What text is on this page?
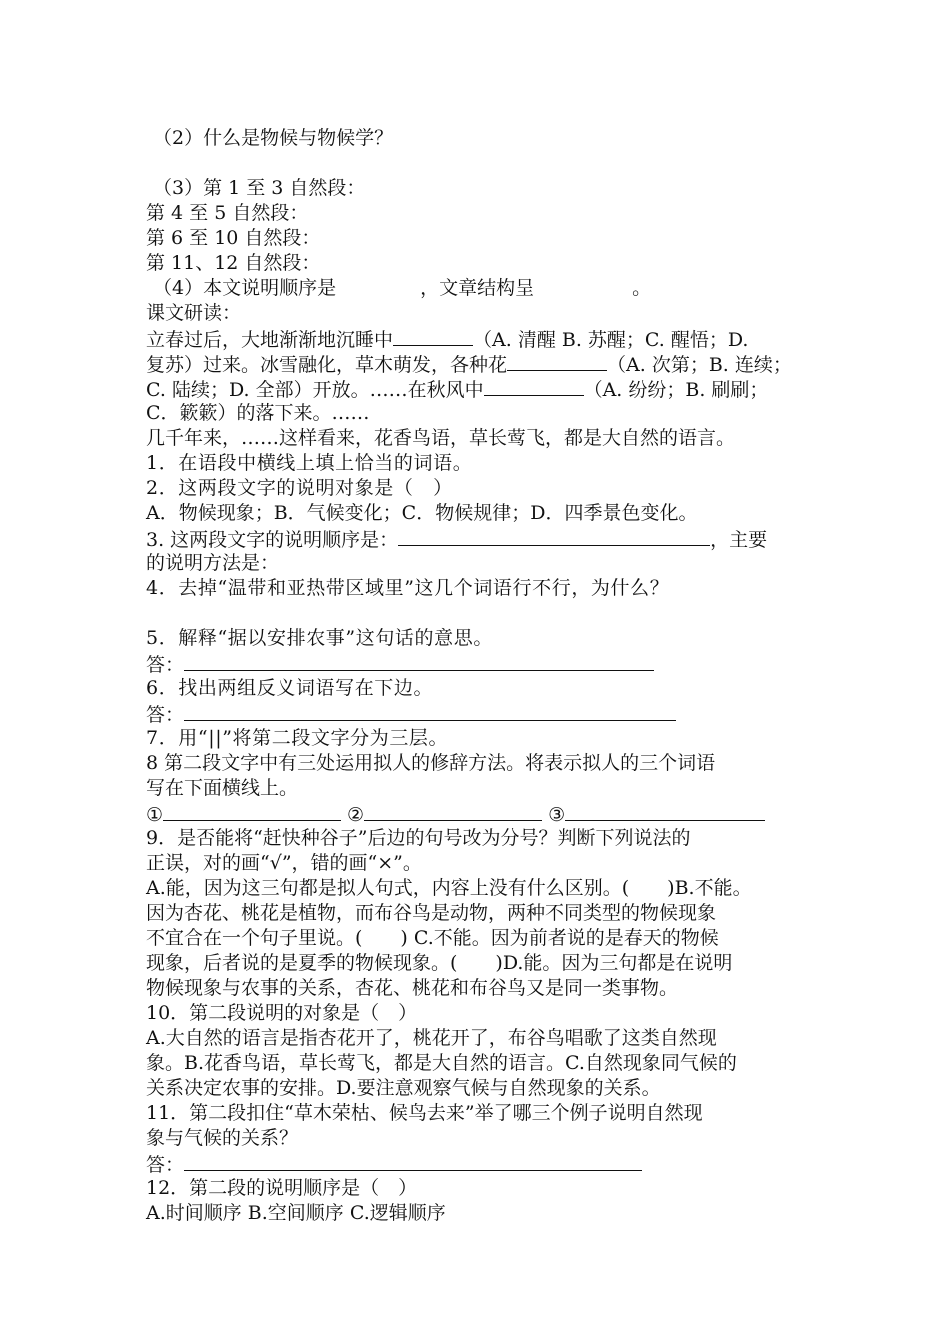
（2）什么是物候与物候学？
（3）第 1 至 3 自然段：
第 4 至 5 自然段：
第 6 至 10 自然段：
第 11、12 自然段：
（4）本文说明顺序是	，文章结构呈	。
课文研读：
立春过后，大地渐渐地沉睡中	（A. 清醒 B. 苏醒；C. 醒悟；D.
复苏）过来。冰雪融化，草木萌发，各种花	（A. 次第；B. 连续；
C. 陆续；D. 全部）开放。……在秋风中	（A. 纷纷；B. 刷刷；
C．簌簌）的落下来。……
几千年来，……这样看来，花香鸟语，草长莺飞，都是大自然的语言。
1．在语段中横线上填上恰当的词语。
2．这两段文字的说明对象是（　）
A．物候现象；B．气候变化；C．物候规律；D．四季景色变化。
3. 这两段文字的说明顺序是：	，主要
的说明方法是：
4．去掉“温带和亚热带区域里”这几个词语行不行，为什么？
5．解释“据以安排农事”这句话的意思。
答：
6．找出两组反义词语写在下边。
答：
7．用“||”将第二段文字分为三层。
8 第二段文字中有三处运用拟人的修辞方法。将表示拟人的三个词语
写在下面横线上。
①	②	③
9．是否能将“赶快种谷子”后边的句号改为分号？判断下列说法的
正误，对的画“√”，错的画“×”。
A.能，因为这三句都是拟人句式，内容上没有什么区别。(　　)B.不能。
因为杏花、桃花是植物，而布谷鸟是动物，两种不同类型的物候现象
不宜合在一个句子里说。(　　) C.不能。因为前者说的是春天的物候
现象，后者说的是夏季的物候现象。(　　)D.能。因为三句都是在说明
物候现象与农事的关系，杏花、桃花和布谷鸟又是同一类事物。
10．第二段说明的对象是（　）
A.大自然的语言是指杏花开了，桃花开了，布谷鸟唱歌了这类自然现
象。B.花香鸟语，草长莺飞，都是大自然的语言。C.自然现象同气候的
关系决定农事的安排。D.要注意观察气候与自然现象的关系。
11．第二段扣住“草木荣枯、候鸟去来”举了哪三个例子说明自然现
象与气候的关系？
答：
12．第二段的说明顺序是（　）
A.时间顺序 B.空间顺序 C.逻辑顺序
